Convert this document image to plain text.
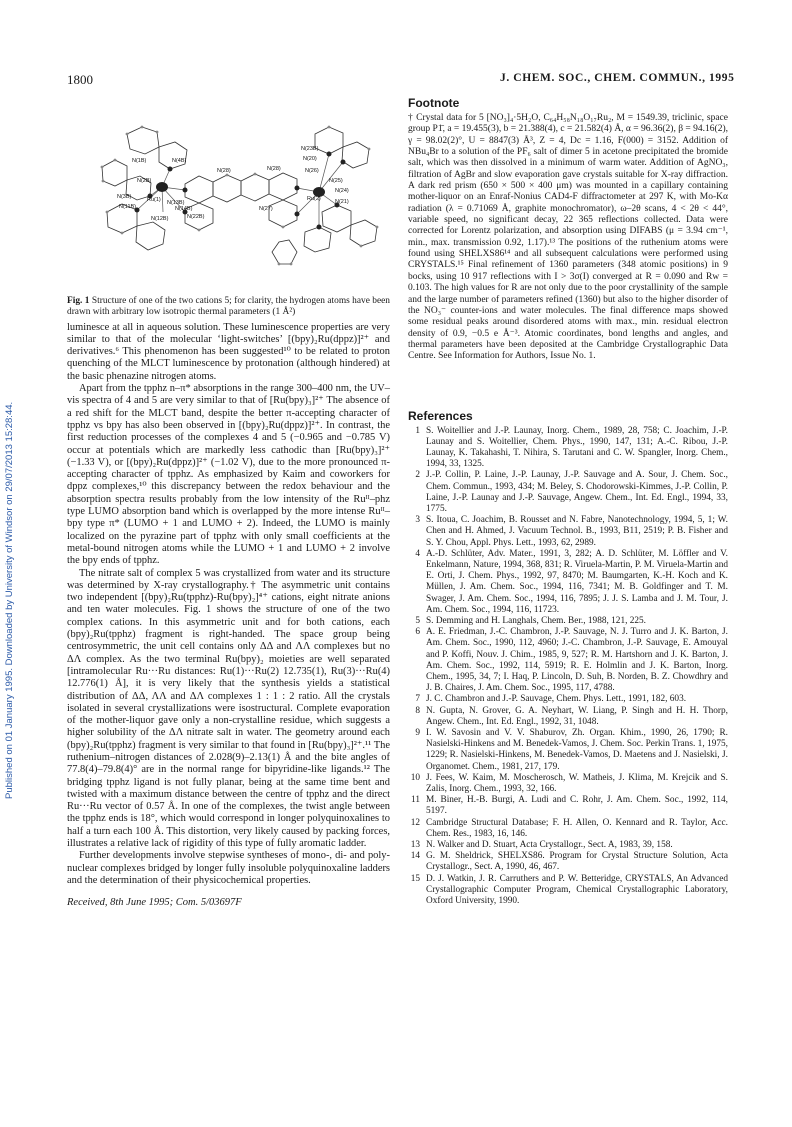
Published on 01 January 1995. Downloaded by University of Windsor on 29/07/2013 15:28:44.
1800	J. CHEM. SOC., CHEM. COMMUN., 1995
N(1B)	N(4B)
N(2B)
Ru(1)
N(3B)
N(11B)
N(12B)	N(22B)
N(28)	N(28)
N(23B)
N(20)
N(26)
N(25)
N(24)
N(21)
N(13B)
N(14B)
Ru(2)
N(27)
Fig. 1 Structure of one of the two cations 5; for clarity, the hydrogen atoms have been drawn with arbitrary low isotropic thermal parameters (1 Å²)

luminesce at all in aqueous solution. These luminescence properties are very similar to that of the molecular ‘light-switches’ [(bpy)₂Ru(dppz)]²⁺ and derivatives.⁶ This phenomenon has been suggested¹⁰ to be related to proton quenching of the MLCT luminescence by protonation (although hindered) at the basic phenazine nitrogen atoms.

Apart from the tpphz n–π* absorptions in the range 300–400 nm, the UV–vis spectra of 4 and 5 are very similar to that of [Ru(bpy)₃]²⁺ The absence of a red shift for the MLCT band, despite the better π-accepting character of tpphz vs bpy has also been observed in [(bpy)₂Ru(dppz)]²⁺. In contrast, the first reduction processes of the complexes 4 and 5 (−0.965 and −0.785 V) occur at potentials which are markedly less cathodic than [Ru(bpy)₃]²⁺ (−1.33 V), or [(bpy)₂Ru(dppz)]²⁺ (−1.02 V), due to the more pronounced π-accepting character of tpphz. As emphasized by Kaim and coworkers for dppz complexes,¹⁰ this discrepancy between the redox behaviour and the absorption spectra results probably from the low intensity of the Ruᴵᴵ–phz type LUMO absorption band which is overlapped by the more intense Ruᴵᴵ–bpy type π* (LUMO + 1 and LUMO + 2). Indeed, the LUMO is mainly localized on the pyrazine part of tpphz with only small coefficients at the metal-bound nitrogen atoms while the LUMO + 1 and LUMO + 2 involve the bpy ends of tpphz.

The nitrate salt of complex 5 was crystallized from water and its structure was determined by X-ray crystallography.† The asymmetric unit contains two independent [(bpy)₂Ru(tpphz)-Ru(bpy)₂]⁴⁺ cations, eight nitrate anions and ten water molecules. Fig. 1 shows the structure of one of the two complex cations. In this asymmetric unit and for both cations, each (bpy)₂Ru(tpphz) fragment is right-handed. The space group being centrosymmetric, the unit cell contains only ΔΔ and ΛΛ complexes but no ΔΛ complex. As the two terminal Ru(bpy)₂ moieties are well separated [intramolecular Ru···Ru distances: Ru(1)···Ru(2) 12.735(1), Ru(3)···Ru(4) 12.776(1) Å], it is very likely that the synthesis yields a statistical distribution of ΔΔ, ΛΛ and ΔΛ complexes 1 : 1 : 2 ratio. All the crystals isolated in several crystallizations were isostructural. Complete evaporation of the mother-liquor gave only a non-crystalline residue, which suggests a higher solubility of the ΔΛ nitrate salt in water. The geometry around each (bpy)₂Ru(tpphz) fragment is very similar to that found in [Ru(bpy)₃]²⁺.¹¹ The ruthenium–nitrogen distances of 2.028(9)–2.13(1) Å and the bite angles of 77.8(4)–79.8(4)° are in the normal range for bipyridine-like ligands.¹² The bridging tpphz ligand is not fully planar, being at the same time bent and twisted with a maximum distance between the centre of tpphz and the direct Ru···Ru vector of 0.57 Å. In one of the complexes, the twist angle between the tpphz ends is 18°, which would correspond in longer polyquinoxalines to half a turn each 100 Å. This distortion, very likely caused by packing forces, illustrates a relative lack of rigidity of this type of fully aromatic ladder.

Further developments involve stepwise syntheses of mono-, di- and poly-nuclear complexes bridged by longer fully insoluble polyquinoxaline ladders and the determination of their physicochemical properties.

Received, 8th June 1995; Com. 5/03697F
Footnote

† Crystal data for 5 [NO₃]₄·5H₂O, C₆₄H₅₈N₁₈O₁₇Ru₂, M = 1549.39, triclinic, space group P1̄, a = 19.455(3), b = 21.388(4), c = 21.582(4) Å, α = 96.36(2), β = 94.16(2), γ = 98.02(2)°, U = 8847(3) Å³, Z = 4, Dc = 1.16, F(000) = 3152. Addition of NBu₄Br to a solution of the PF₆ salt of dimer 5 in acetone precipitated the bromide salt, which was then dissolved in a minimum of warm water. Addition of AgNO₃, filtration of AgBr and slow evaporation gave crystals suitable for X-ray diffraction. A dark red prism (650 × 500 × 400 μm) was mounted in a capillary containing mother-liquor on an Enraf-Nonius CAD4-F diffractometer at 297 K, with Mo-Kα radiation (λ = 0.71069 Å, graphite monochromator), ω–2θ scans, 4 < 2θ < 44°, variable speed, no significant decay, 22 365 reflections collected. Data were corrected for Lorentz polarization, and absorption using DIFABS (μ = 3.94 cm⁻¹, min., max. transmission 0.92, 1.17).¹³ The positions of the ruthenium atoms were found using SHELXS86¹⁴ and all subsequent calculations were performed using CRYSTALS.¹⁵ Final refinement of 1360 parameters (348 atomic positions) in 9 bocks, using 10 917 reflections with I > 3σ(I) converged at R = 0.090 and Rw = 0.103. The high values for R are not only due to the poor crystallinity of the sample and the large number of parameters refined (1360) but also to the higher disorder of the NO₃⁻ counter-ions and water molecules. The final difference maps showed some residual peaks around disordered atoms with max., min. residual electron density of 0.9, −0.5 e Å⁻³. Atomic coordinates, bond lengths and angles, and thermal parameters have been deposited at the Cambridge Crystallographic Data Centre. See Information for Authors, Issue No. 1.

References
1 S. Woitellier and J.-P. Launay, Inorg. Chem., 1989, 28, 758; C. Joachim, J.-P. Launay and S. Woitellier, Chem. Phys., 1990, 147, 131; A.-C. Ribou, J.-P. Launay, K. Takahashi, T. Nihira, S. Tarutani and C. W. Spangler, Inorg. Chem., 1994, 33, 1325.
2 J.-P. Collin, P. Laine, J.-P. Launay, J.-P. Sauvage and A. Sour, J. Chem. Soc., Chem. Commun., 1993, 434; M. Beley, S. Chodorowski-Kimmes, J.-P. Collin, P. Laine, J.-P. Launay and J.-P. Sauvage, Angew. Chem., Int. Ed. Engl., 1994, 33, 1775.
3 S. Itoua, C. Joachim, B. Rousset and N. Fabre, Nanotechnology, 1994, 5, 1; W. Chen and H. Ahmed, J. Vacuum Technol. B., 1993, B11, 2519; P. B. Fisher and S. Y. Chou, Appl. Phys. Lett., 1993, 62, 2989.
4 A.-D. Schlüter, Adv. Mater., 1991, 3, 282; A. D. Schlüter, M. Löffler and V. Enkelmann, Nature, 1994, 368, 831; R. Viruela-Martin, P. M. Viruela-Martin and E. Orti, J. Chem. Phys., 1992, 97, 8470; M. Baumgarten, K.-H. Koch and K. Müllen, J. Am. Chem. Soc., 1994, 116, 7341; M. B. Goldfinger and T. M. Swager, J. Am. Chem. Soc., 1994, 116, 7895; J. J. S. Lamba and J. M. Tour, J. Am. Chem. Soc., 1994, 116, 11723.
5 S. Demming and H. Langhals, Chem. Ber., 1988, 121, 225.
6 A. E. Friedman, J.-C. Chambron, J.-P. Sauvage, N. J. Turro and J. K. Barton, J. Am. Chem. Soc., 1990, 112, 4960; J.-C. Chambron, J.-P. Sauvage, E. Amouyal and P. Koffi, Nouv. J. Chim., 1985, 9, 527; R. M. Hartshorn and J. K. Barton, J. Am. Chem. Soc., 1992, 114, 5919; R. E. Holmlin and J. K. Barton, Inorg. Chem., 1995, 34, 7; I. Haq, P. Lincoln, D. Suh, B. Norden, B. Z. Chowdhry and J. B. Chaires, J. Am. Chem. Soc., 1995, 117, 4788.
7 J. C. Chambron and J.-P. Sauvage, Chem. Phys. Lett., 1991, 182, 603.
8 N. Gupta, N. Grover, G. A. Neyhart, W. Liang, P. Singh and H. H. Thorp, Angew. Chem., Int. Ed. Engl., 1992, 31, 1048.
9 I. W. Savosin and V. V. Shaburov, Zh. Organ. Khim., 1990, 26, 1790; R. Nasielski-Hinkens and M. Benedek-Vamos, J. Chem. Soc. Perkin Trans. 1, 1975, 1229; R. Nasielski-Hinkens, M. Benedek-Vamos, D. Maetens and J. Nasielski, J. Organomet. Chem., 1981, 217, 179.
10 J. Fees, W. Kaim, M. Moscherosch, W. Matheis, J. Klima, M. Krejcik and S. Zalis, Inorg. Chem., 1993, 32, 166.
11 M. Biner, H.-B. Burgi, A. Ludi and C. Rohr, J. Am. Chem. Soc., 1992, 114, 5197.
12 Cambridge Structural Database; F. H. Allen, O. Kennard and R. Taylor, Acc. Chem. Res., 1983, 16, 146.
13 N. Walker and D. Stuart, Acta Crystallogr., Sect. A, 1983, 39, 158.
14 G. M. Sheldrick, SHELXS86. Program for Crystal Structure Solution, Acta Crystallogr., Sect. A, 1990, 46, 467.
15 D. J. Watkin, J. R. Carruthers and P. W. Betteridge, CRYSTALS, An Advanced Crystallographic Computer Program, Chemical Crystallographic Laboratory, Oxford University, 1990.
